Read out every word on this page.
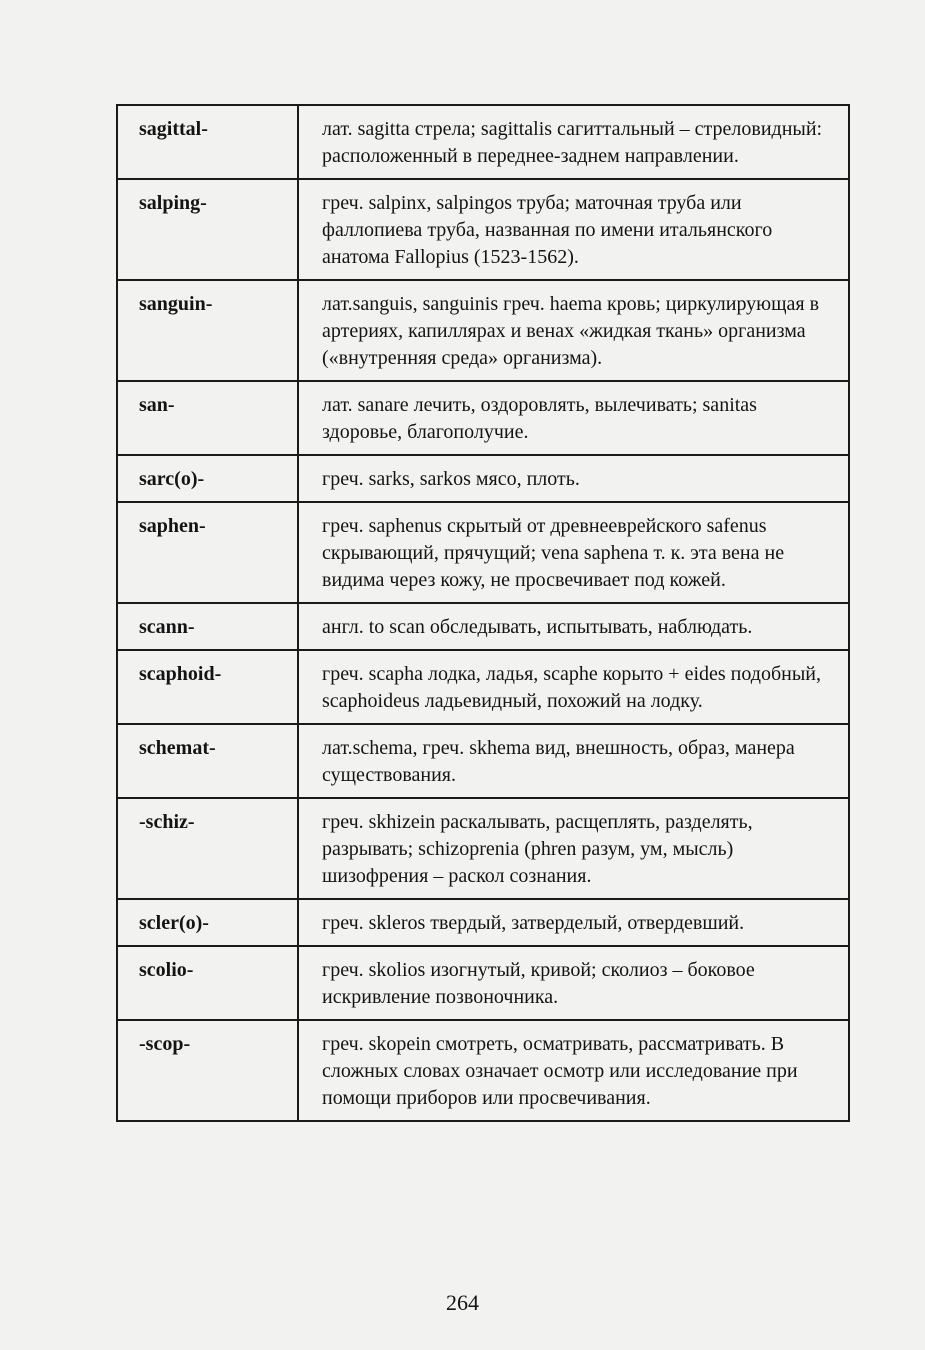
sagittal-	лат. sagitta стрела; sagittalis сагиттальный – стреловидный: расположенный в переднее-заднем направлении.
salping-	греч. salpinx, salpingos труба; маточная труба или фаллопиева труба, названная по имени итальянского анатома Fallopius (1523-1562).
sanguin-	лат.sanguis, sanguinis греч. haema кровь; циркулирующая в артериях, капиллярах и венах «жидкая ткань» организма («внутренняя среда» организма).
san-	лат. sanare лечить, оздоровлять, вылечивать; sanitas здоровье, благополучие.
sarc(o)-	греч. sarks, sarkos мясо, плоть.
saphen-	греч. saphenus скрытый от древнееврейского safenus скрывающий, прячущий; vena saphena т. к. эта вена не видима через кожу, не просвечивает под кожей.
scann-	англ. to scan обследывать, испытывать, наблюдать.
scaphoid-	греч. scapha лодка, ладья, scaphe корыто + eides подобный, scaphoideus ладьевидный, похожий на лодку.
schemat-	лат.schema, греч. skhema вид, внешность, образ, манера существования.
-schiz-	греч. skhizein раскалывать, расщеплять, разделять, разрывать; schizoprenia (phren разум, ум, мысль) шизофрения – раскол сознания.
scler(o)-	греч. skleros твердый, затверделый, отвердевший.
scolio-	греч. skolios изогнутый, кривой; сколиоз – боковое искривление позвоночника.
-scop-	греч. skopein смотреть, осматривать, рассматривать. В сложных словах означает осмотр или исследование при помощи приборов или просвечивания.
264
